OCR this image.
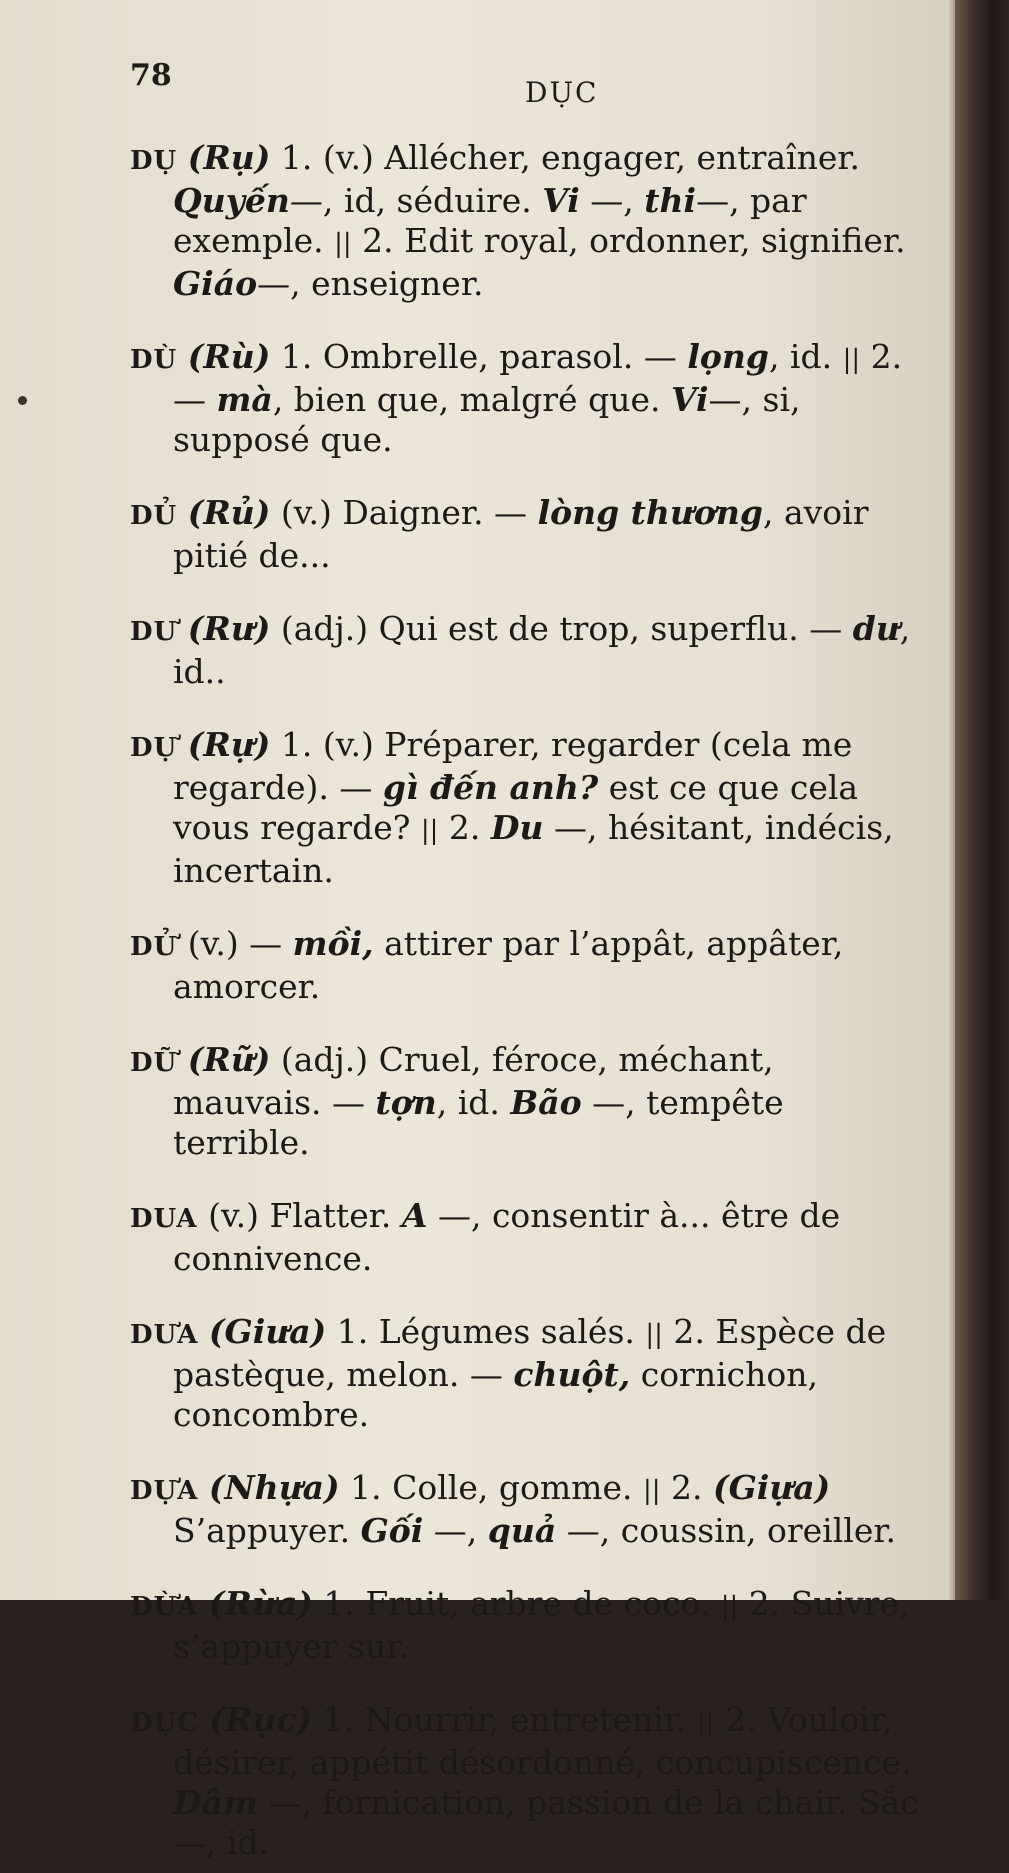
78	DỤC

DỤ (Rụ) 1. (v.) Allécher, engager, entraîner. Quyến—, id, séduire. Vi —, thi—, par exemple. || 2. Edit royal, ordonner, signifier. Giáo—, enseigner.

DÙ (Rù) 1. Ombrelle, parasol. — lọng, id. || 2. — mà, bien que, malgré que. Vi—, si, supposé que.

DỦ (Rủ) (v.) Daigner. — lòng thương, avoir pitié de...

DƯ (Rư) (adj.) Qui est de trop, superflu. — dư, id..

DỰ (Rự) 1. (v.) Préparer, regarder (cela me regarde). — gì đến anh? est ce que cela vous regarde? || 2. Du —, hésitant, indécis, incertain.

DỬ (v.) — mồi, attirer par l’appât, appâter, amorcer.

DỮ (Rữ) (adj.) Cruel, féroce, méchant, mauvais. — tợn, id. Bão —, tempête terrible.

DUA (v.) Flatter. A —, consentir à... être de connivence.

DƯA (Giưa) 1. Légumes salés. || 2. Espèce de pastèque, melon. — chuột, cornichon, concombre.

DỰA (Nhựa) 1. Colle, gomme. || 2. (Giựa) S’appuyer. Gối —, quả —, coussin, oreiller.

DỪA (Rừa) 1. Fruit, arbre de coco. || 2. Suivre, s’appuyer sur.

DỤC (Rục) 1. Nourrir, entretenir. || 2. Vouloir, désirer, appétit désordonné, concupiscence. Dâm —, fornication, passion de la chair. Sắc—, id.
